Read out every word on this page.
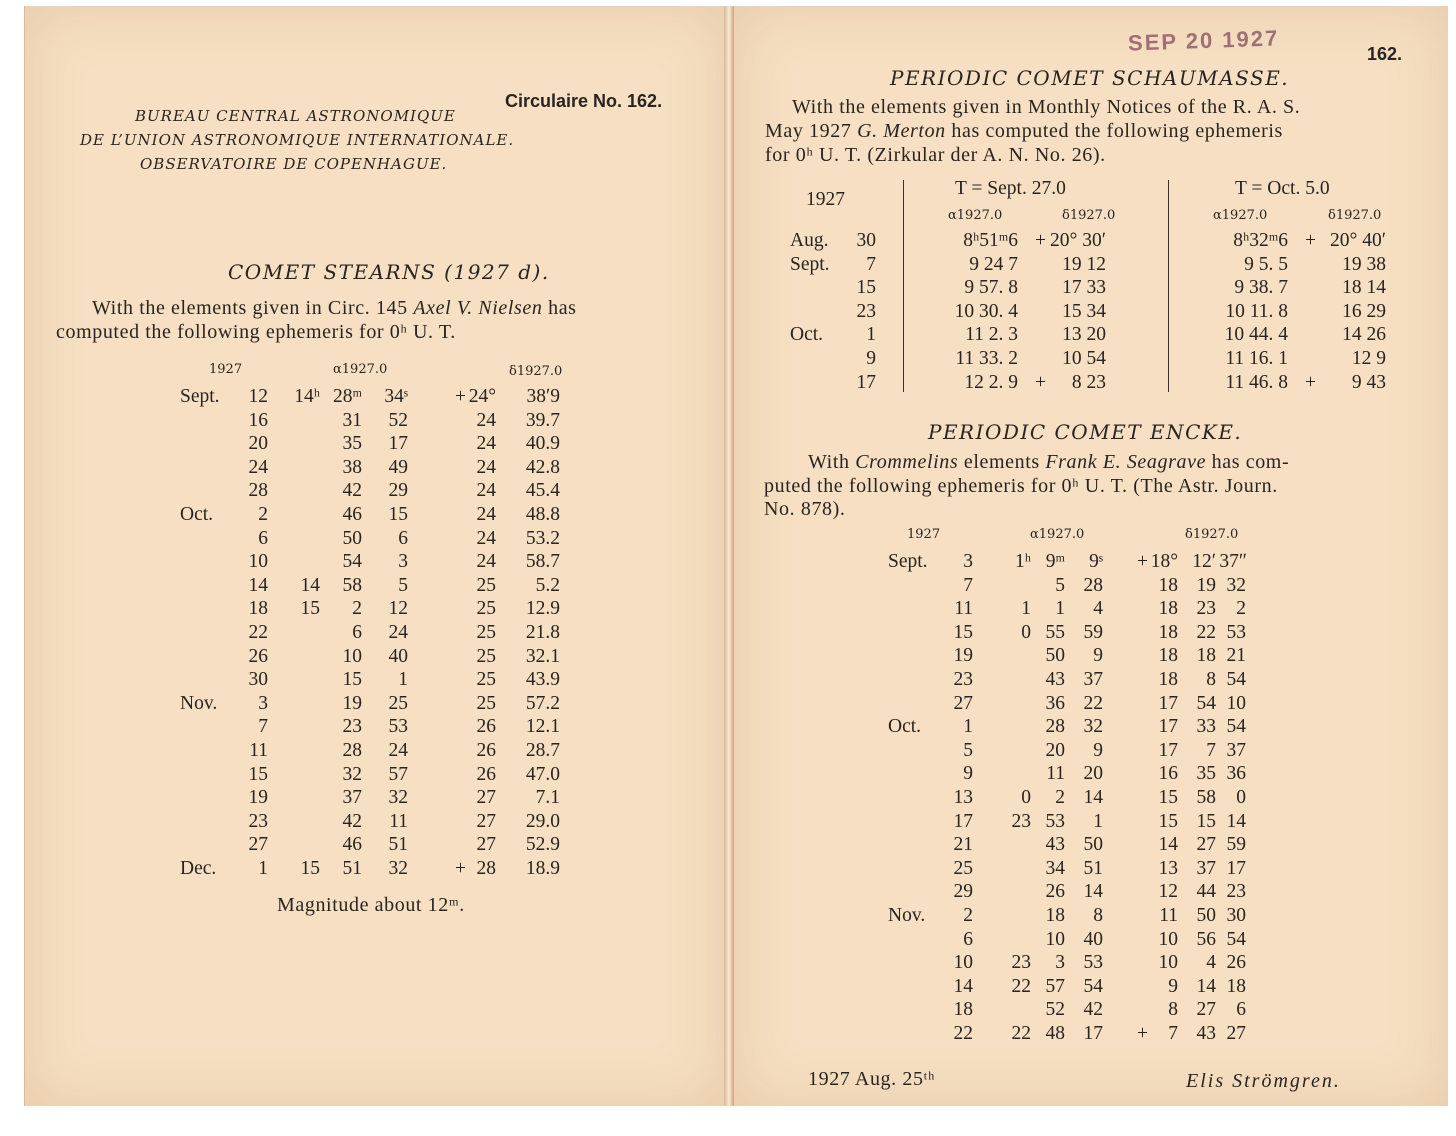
Circulaire No. 162.
BUREAU CENTRAL ASTRONOMIQUE
DE L’UNION ASTRONOMIQUE INTERNATIONALE.
OBSERVATOIRE DE COPENHAGUE.
COMET STEARNS (1927 d).
With the elements given in Circ. 145 Axel V. Nielsen has
computed the following ephemeris for 0ʰ U. T.
1927	α1927.0	δ1927.0
Sept.	12	14ʰ	28ᵐ	34ˢ	+	24°	38ʹ9
	16		31	52		24	39.7
	20		35	17		24	40.9
	24		38	49		24	42.8
	28		42	29		24	45.4
Oct.	2		46	15		24	48.8
	6		50	6		24	53.2
	10		54	3		24	58.7
	14	14	58	5		25	5.2
	18	15	2	12		25	12.9
	22		6	24		25	21.8
	26		10	40		25	32.1
	30		15	1		25	43.9
Nov.	3		19	25		25	57.2
	7		23	53		26	12.1
	11		28	24		26	28.7
	15		32	57		26	47.0
	19		37	32		27	7.1
	23		42	11		27	29.0
	27		46	51		27	52.9
Dec.	1	15	51	32	+	28	18.9
Magnitude about 12ᵐ.
SEP 20 1927	162.
PERIODIC COMET SCHAUMASSE.
With the elements given in Monthly Notices of the R. A. S.
May 1927 G. Merton has computed the following ephemeris
for 0ʰ U. T. (Zirkular der A. N. No. 26).
1927
T = Sept. 27.0	T = Oct. 5.0
α1927.0	δ1927.0	α1927.0	δ1927.0
Aug.	30	8ʰ51ᵐ6	+	20° 30ʹ	8ʰ32ᵐ6	+	20° 40ʹ
Sept.	7	9 24 7		19 12	9 5. 5		19 38
	15	9 57. 8		17 33	9 38. 7		18 14
	23	10 30. 4		15 34	10 11. 8		16 29
Oct.	1	11 2. 3		13 20	10 44. 4		14 26
	9	11 33. 2		10 54	11 16. 1		12 9
	17	12 2. 9	+	8 23	11 46. 8	+	9 43
PERIODIC COMET ENCKE.
With Crommelins elements Frank E. Seagrave has com-
puted the following ephemeris for 0ʰ U. T. (The Astr. Journ.
No. 878).
1927	α1927.0	δ1927.0
Sept.	3	1ʰ	9ᵐ	9ˢ	+	18°	12ʹ	37ʺ
	7		5	28		18	19	32
	11	1	1	4		18	23	2
	15	0	55	59		18	22	53
	19		50	9		18	18	21
	23		43	37		18	8	54
	27		36	22		17	54	10
Oct.	1		28	32		17	33	54
	5		20	9		17	7	37
	9		11	20		16	35	36
	13	0	2	14		15	58	0
	17	23	53	1		15	15	14
	21		43	50		14	27	59
	25		34	51		13	37	17
	29		26	14		12	44	23
Nov.	2		18	8		11	50	30
	6		10	40		10	56	54
	10	23	3	53		10	4	26
	14	22	57	54		9	14	18
	18		52	42		8	27	6
	22	22	48	17	+	7	43	27
1927 Aug. 25ᵗʰ	Elis Strömgren.
